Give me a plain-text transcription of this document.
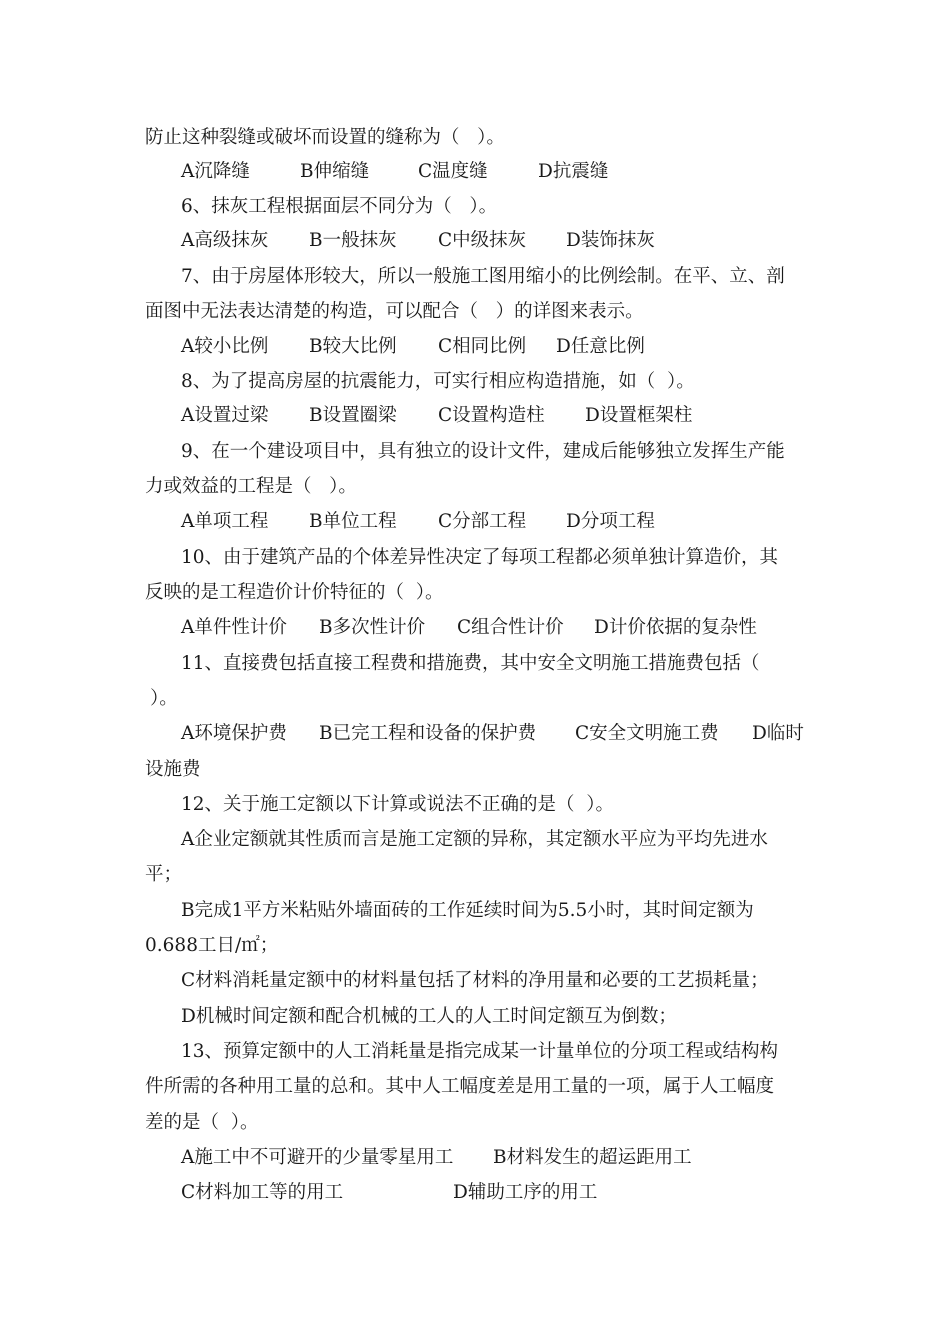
防止这种裂缝或破坏而设置的缝称为（   ）。
A沉降缝	B伸缩缝	C温度缝	D抗震缝
6、抹灰工程根据面层不同分为（   ）。
A高级抹灰 B一般抹灰 C中级抹灰 D装饰抹灰
7、由于房屋体形较大，所以一般施工图用缩小的比例绘制。在平、立、剖
面图中无法表达清楚的构造，可以配合（   ）的详图来表示。
A较小比例 B较大比例 C相同比例 D任意比例
8、为了提高房屋的抗震能力，可实行相应构造措施，如（  ）。
A设置过梁 B设置圈梁 C设置构造柱 D设置框架柱
9、在一个建设项目中，具有独立的设计文件，建成后能够独立发挥生产能
力或效益的工程是（   ）。
A单项工程 B单位工程 C分部工程 D分项工程
10、由于建筑产品的个体差异性决定了每项工程都必须单独计算造价，其
反映的是工程造价计价特征的（  ）。
A单件性计价 B多次性计价 C组合性计价 D计价依据的复杂性
11、直接费包括直接工程费和措施费，其中安全文明施工措施费包括（
）。
A环境保护费 B已完工程和设备的保护费 C安全文明施工费 D临时
设施费
12、关于施工定额以下计算或说法不正确的是（  ）。
A企业定额就其性质而言是施工定额的异称，其定额水平应为平均先进水
平；
B完成1平方米粘贴外墙面砖的工作延续时间为5.5小时，其时间定额为
0.688工日/㎡；
C材料消耗量定额中的材料量包括了材料的净用量和必要的工艺损耗量；
D机械时间定额和配合机械的工人的人工时间定额互为倒数；
13、预算定额中的人工消耗量是指完成某一计量单位的分项工程或结构构
件所需的各种用工量的总和。其中人工幅度差是用工量的一项，属于人工幅度
差的是（  ）。
A施工中不可避开的少量零星用工 B材料发生的超运距用工
C材料加工等的用工	D辅助工序的用工
